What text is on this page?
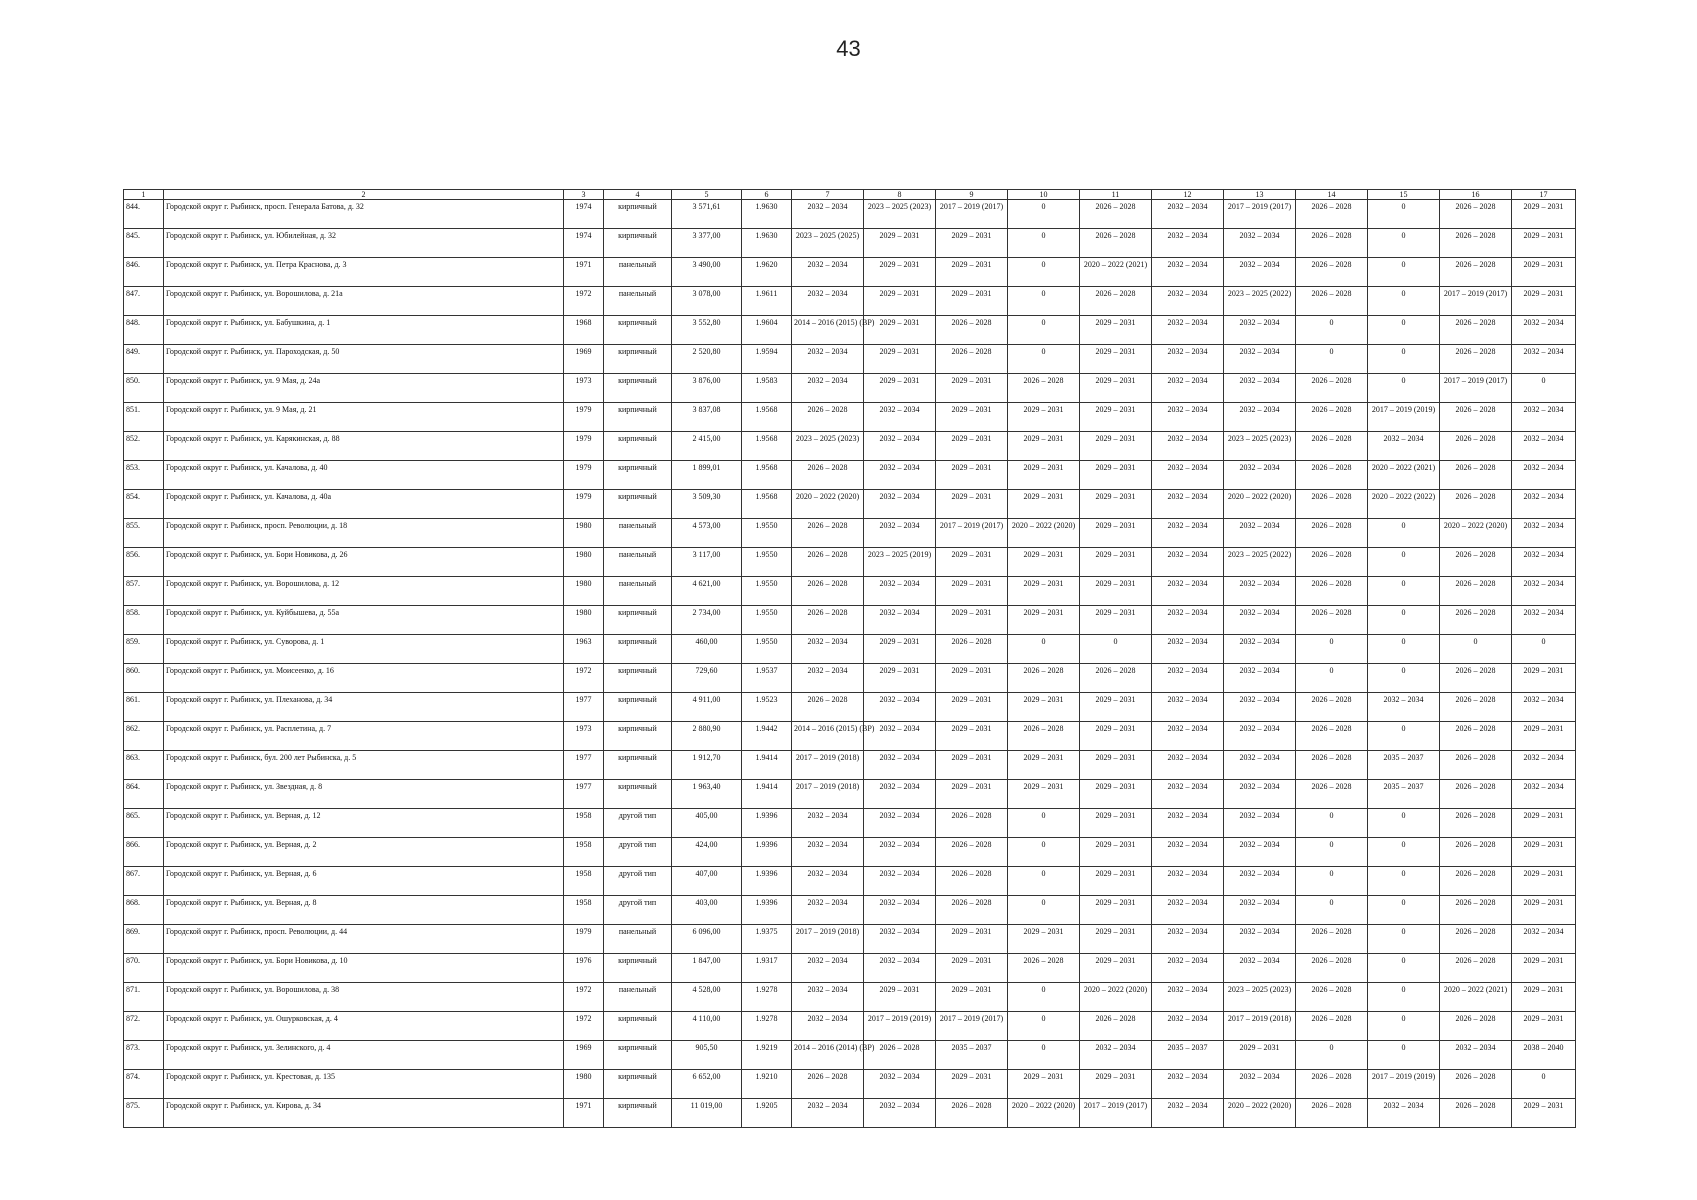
43
1	2	3	4	5	6	7	8	9	10	11	12	13	14	15	16	17
844.	Городской округ г. Рыбинск, просп. Генерала Батова, д. 32	1974	кирпичный	3 571,61	1.9630	2032 – 2034	2023 – 2025 (2023)	2017 – 2019 (2017)	0	2026 – 2028	2032 – 2034	2017 – 2019 (2017)	2026 – 2028	0	2026 – 2028	2029 – 2031
845.	Городской округ г. Рыбинск, ул. Юбилейная, д. 32	1974	кирпичный	3 377,00	1.9630	2023 – 2025 (2025)	2029 – 2031	2029 – 2031	0	2026 – 2028	2032 – 2034	2032 – 2034	2026 – 2028	0	2026 – 2028	2029 – 2031
846.	Городской округ г. Рыбинск, ул. Петра Краснова, д. 3	1971	панельный	3 490,00	1.9620	2032 – 2034	2029 – 2031	2029 – 2031	0	2020 – 2022 (2021)	2032 – 2034	2032 – 2034	2026 – 2028	0	2026 – 2028	2029 – 2031
847.	Городской округ г. Рыбинск, ул. Ворошилова, д. 21а	1972	панельный	3 078,00	1.9611	2032 – 2034	2029 – 2031	2029 – 2031	0	2026 – 2028	2032 – 2034	2023 – 2025 (2022)	2026 – 2028	0	2017 – 2019 (2017)	2029 – 2031
848.	Городской округ г. Рыбинск, ул. Бабушкина, д. 1	1968	кирпичный	3 552,80	1.9604	2014 – 2016 (2015) (ВР)	2029 – 2031	2026 – 2028	0	2029 – 2031	2032 – 2034	2032 – 2034	0	0	2026 – 2028	2032 – 2034
849.	Городской округ г. Рыбинск, ул. Пароходская, д. 50	1969	кирпичный	2 520,80	1.9594	2032 – 2034	2029 – 2031	2026 – 2028	0	2029 – 2031	2032 – 2034	2032 – 2034	0	0	2026 – 2028	2032 – 2034
850.	Городской округ г. Рыбинск, ул. 9 Мая, д. 24а	1973	кирпичный	3 876,00	1.9583	2032 – 2034	2029 – 2031	2029 – 2031	2026 – 2028	2029 – 2031	2032 – 2034	2032 – 2034	2026 – 2028	0	2017 – 2019 (2017)	0
851.	Городской округ г. Рыбинск, ул. 9 Мая, д. 21	1979	кирпичный	3 837,08	1.9568	2026 – 2028	2032 – 2034	2029 – 2031	2029 – 2031	2029 – 2031	2032 – 2034	2032 – 2034	2026 – 2028	2017 – 2019 (2019)	2026 – 2028	2032 – 2034
852.	Городской округ г. Рыбинск, ул. Карякинская, д. 88	1979	кирпичный	2 415,00	1.9568	2023 – 2025 (2023)	2032 – 2034	2029 – 2031	2029 – 2031	2029 – 2031	2032 – 2034	2023 – 2025 (2023)	2026 – 2028	2032 – 2034	2026 – 2028	2032 – 2034
853.	Городской округ г. Рыбинск, ул. Качалова, д. 40	1979	кирпичный	1 899,01	1.9568	2026 – 2028	2032 – 2034	2029 – 2031	2029 – 2031	2029 – 2031	2032 – 2034	2032 – 2034	2026 – 2028	2020 – 2022 (2021)	2026 – 2028	2032 – 2034
854.	Городской округ г. Рыбинск, ул. Качалова, д. 40а	1979	кирпичный	3 509,30	1.9568	2020 – 2022 (2020)	2032 – 2034	2029 – 2031	2029 – 2031	2029 – 2031	2032 – 2034	2020 – 2022 (2020)	2026 – 2028	2020 – 2022 (2022)	2026 – 2028	2032 – 2034
855.	Городской округ г. Рыбинск, просп. Революции, д. 18	1980	панельный	4 573,00	1.9550	2026 – 2028	2032 – 2034	2017 – 2019 (2017)	2020 – 2022 (2020)	2029 – 2031	2032 – 2034	2032 – 2034	2026 – 2028	0	2020 – 2022 (2020)	2032 – 2034
856.	Городской округ г. Рыбинск, ул. Бори Новикова, д. 26	1980	панельный	3 117,00	1.9550	2026 – 2028	2023 – 2025 (2019)	2029 – 2031	2029 – 2031	2029 – 2031	2032 – 2034	2023 – 2025 (2022)	2026 – 2028	0	2026 – 2028	2032 – 2034
857.	Городской округ г. Рыбинск, ул. Ворошилова, д. 12	1980	панельный	4 621,00	1.9550	2026 – 2028	2032 – 2034	2029 – 2031	2029 – 2031	2029 – 2031	2032 – 2034	2032 – 2034	2026 – 2028	0	2026 – 2028	2032 – 2034
858.	Городской округ г. Рыбинск, ул. Куйбышева, д. 55а	1980	кирпичный	2 734,00	1.9550	2026 – 2028	2032 – 2034	2029 – 2031	2029 – 2031	2029 – 2031	2032 – 2034	2032 – 2034	2026 – 2028	0	2026 – 2028	2032 – 2034
859.	Городской округ г. Рыбинск, ул. Суворова, д. 1	1963	кирпичный	460,00	1.9550	2032 – 2034	2029 – 2031	2026 – 2028	0	0	2032 – 2034	2032 – 2034	0	0	0	0
860.	Городской округ г. Рыбинск, ул. Моисеенко, д. 16	1972	кирпичный	729,60	1.9537	2032 – 2034	2029 – 2031	2029 – 2031	2026 – 2028	2026 – 2028	2032 – 2034	2032 – 2034	0	0	2026 – 2028	2029 – 2031
861.	Городской округ г. Рыбинск, ул. Плеханова, д. 34	1977	кирпичный	4 911,00	1.9523	2026 – 2028	2032 – 2034	2029 – 2031	2029 – 2031	2029 – 2031	2032 – 2034	2032 – 2034	2026 – 2028	2032 – 2034	2026 – 2028	2032 – 2034
862.	Городской округ г. Рыбинск, ул. Расплетина, д. 7	1973	кирпичный	2 880,90	1.9442	2014 – 2016 (2015) (ВР)	2032 – 2034	2029 – 2031	2026 – 2028	2029 – 2031	2032 – 2034	2032 – 2034	2026 – 2028	0	2026 – 2028	2029 – 2031
863.	Городской округ г. Рыбинск, бул. 200 лет Рыбинска, д. 5	1977	кирпичный	1 912,70	1.9414	2017 – 2019 (2018)	2032 – 2034	2029 – 2031	2029 – 2031	2029 – 2031	2032 – 2034	2032 – 2034	2026 – 2028	2035 – 2037	2026 – 2028	2032 – 2034
864.	Городской округ г. Рыбинск, ул. Звездная, д. 8	1977	кирпичный	1 963,40	1.9414	2017 – 2019 (2018)	2032 – 2034	2029 – 2031	2029 – 2031	2029 – 2031	2032 – 2034	2032 – 2034	2026 – 2028	2035 – 2037	2026 – 2028	2032 – 2034
865.	Городской округ г. Рыбинск, ул. Верная, д. 12	1958	другой тип	405,00	1.9396	2032 – 2034	2032 – 2034	2026 – 2028	0	2029 – 2031	2032 – 2034	2032 – 2034	0	0	2026 – 2028	2029 – 2031
866.	Городской округ г. Рыбинск, ул. Верная, д. 2	1958	другой тип	424,00	1.9396	2032 – 2034	2032 – 2034	2026 – 2028	0	2029 – 2031	2032 – 2034	2032 – 2034	0	0	2026 – 2028	2029 – 2031
867.	Городской округ г. Рыбинск, ул. Верная, д. 6	1958	другой тип	407,00	1.9396	2032 – 2034	2032 – 2034	2026 – 2028	0	2029 – 2031	2032 – 2034	2032 – 2034	0	0	2026 – 2028	2029 – 2031
868.	Городской округ г. Рыбинск, ул. Верная, д. 8	1958	другой тип	403,00	1.9396	2032 – 2034	2032 – 2034	2026 – 2028	0	2029 – 2031	2032 – 2034	2032 – 2034	0	0	2026 – 2028	2029 – 2031
869.	Городской округ г. Рыбинск, просп. Революции, д. 44	1979	панельный	6 096,00	1.9375	2017 – 2019 (2018)	2032 – 2034	2029 – 2031	2029 – 2031	2029 – 2031	2032 – 2034	2032 – 2034	2026 – 2028	0	2026 – 2028	2032 – 2034
870.	Городской округ г. Рыбинск, ул. Бори Новикова, д. 10	1976	кирпичный	1 847,00	1.9317	2032 – 2034	2032 – 2034	2029 – 2031	2026 – 2028	2029 – 2031	2032 – 2034	2032 – 2034	2026 – 2028	0	2026 – 2028	2029 – 2031
871.	Городской округ г. Рыбинск, ул. Ворошилова, д. 38	1972	панельный	4 528,00	1.9278	2032 – 2034	2029 – 2031	2029 – 2031	0	2020 – 2022 (2020)	2032 – 2034	2023 – 2025 (2023)	2026 – 2028	0	2020 – 2022 (2021)	2029 – 2031
872.	Городской округ г. Рыбинск, ул. Ошурковская, д. 4	1972	кирпичный	4 110,00	1.9278	2032 – 2034	2017 – 2019 (2019)	2017 – 2019 (2017)	0	2026 – 2028	2032 – 2034	2017 – 2019 (2018)	2026 – 2028	0	2026 – 2028	2029 – 2031
873.	Городской округ г. Рыбинск, ул. Зелинского, д. 4	1969	кирпичный	905,50	1.9219	2014 – 2016 (2014) (ВР)	2026 – 2028	2035 – 2037	0	2032 – 2034	2035 – 2037	2029 – 2031	0	0	2032 – 2034	2038 – 2040
874.	Городской округ г. Рыбинск, ул. Крестовая, д. 135	1980	кирпичный	6 652,00	1.9210	2026 – 2028	2032 – 2034	2029 – 2031	2029 – 2031	2029 – 2031	2032 – 2034	2032 – 2034	2026 – 2028	2017 – 2019 (2019)	2026 – 2028	0
875.	Городской округ г. Рыбинск, ул. Кирова, д. 34	1971	кирпичный	11 019,00	1.9205	2032 – 2034	2032 – 2034	2026 – 2028	2020 – 2022 (2020)	2017 – 2019 (2017)	2032 – 2034	2020 – 2022 (2020)	2026 – 2028	2032 – 2034	2026 – 2028	2029 – 2031
